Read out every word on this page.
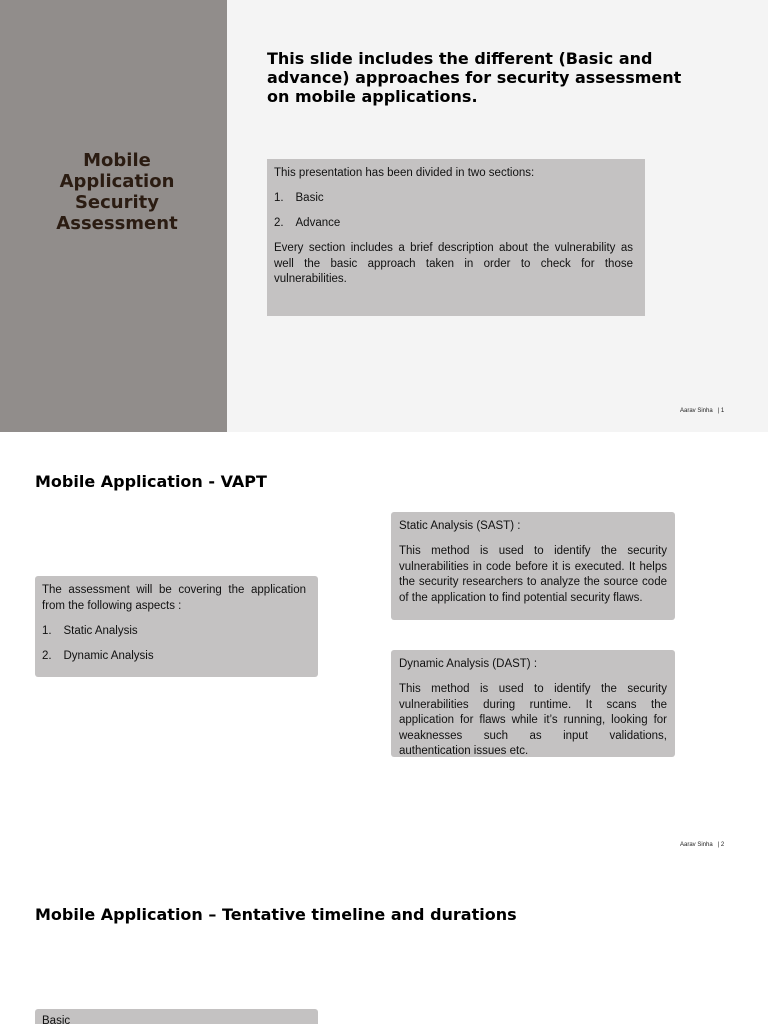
Mobile Application Security Assessment
This slide includes the different (Basic and advance) approaches for security assessment on mobile applications.

This presentation has been divided in two sections:

1.	Basic
2.	Advance

Every section includes a brief description about the vulnerability as well the basic approach taken in order to check for those vulnerabilities.

Aarav Sinha | 1
Mobile Application - VAPT

The assessment will be covering the application from the following aspects :

1.	Static Analysis
2.	Dynamic Analysis

Static Analysis (SAST) :

This method is used to identify the security vulnerabilities in code before it is executed. It helps the security researchers to analyze the source code of the application to find potential security flaws.

Dynamic Analysis (DAST) :

This method is used to identify the security vulnerabilities during runtime. It scans the application for flaws while it’s running, looking for weaknesses such as input validations, authentication issues etc.

Aarav Sinha | 2
Mobile Application – Tentative timeline and durations

Basic
